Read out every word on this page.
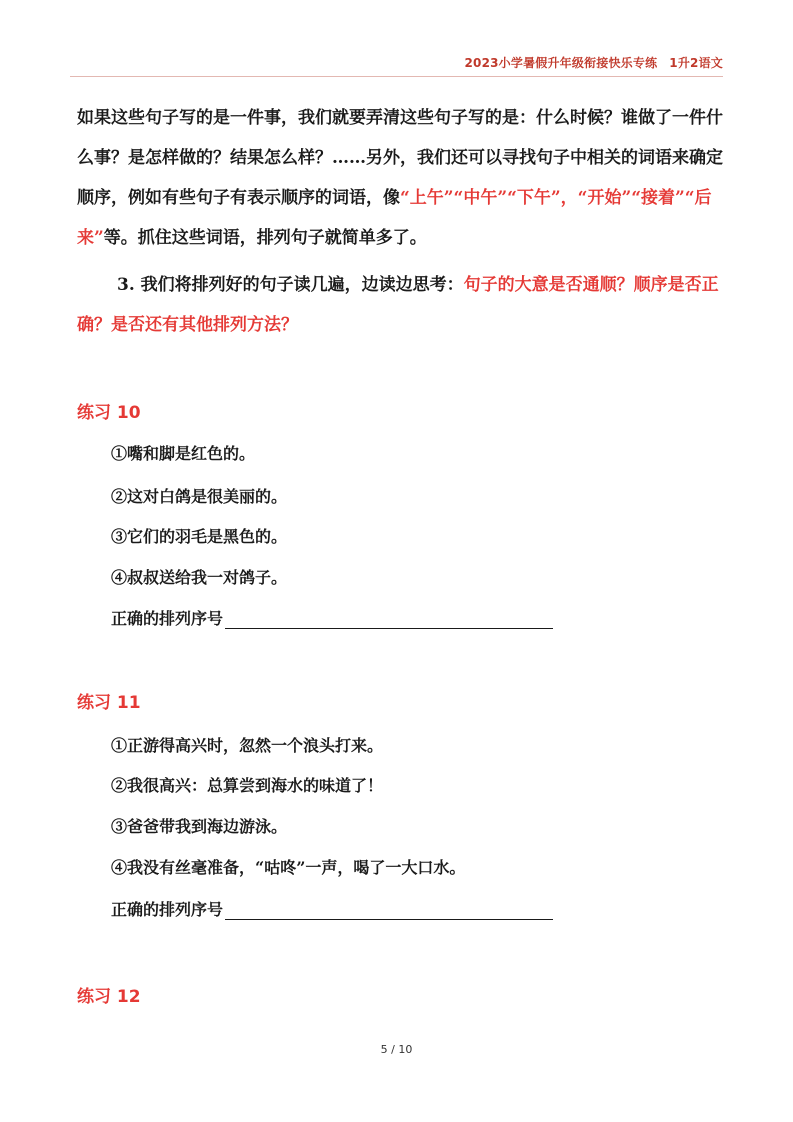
2023小学暑假升年级衔接快乐专练 1升2语文
如果这些句子写的是一件事，我们就要弄清这些句子写的是：什么时候？谁做了一件什么事？是怎样做的？结果怎么样？……另外，我们还可以寻找句子中相关的词语来确定顺序，例如有些句子有表示顺序的词语，像“上午”“中午”“下午”，“开始”“接着”“后来”等。抓住这些词语，排列句子就简单多了。
3. 我们将排列好的句子读几遍，边读边思考：句子的大意是否通顺？顺序是否正确？是否还有其他排列方法？
练习 10
①嘴和脚是红色的。
②这对白鸽是很美丽的。
③它们的羽毛是黑色的。
④叔叔送给我一对鸽子。
正确的排列序号
练习 11
①正游得高兴时，忽然一个浪头打来。
②我很高兴：总算尝到海水的味道了！
③爸爸带我到海边游泳。
④我没有丝毫准备，“咕咚”一声，喝了一大口水。
正确的排列序号
练习 12
5 / 10
